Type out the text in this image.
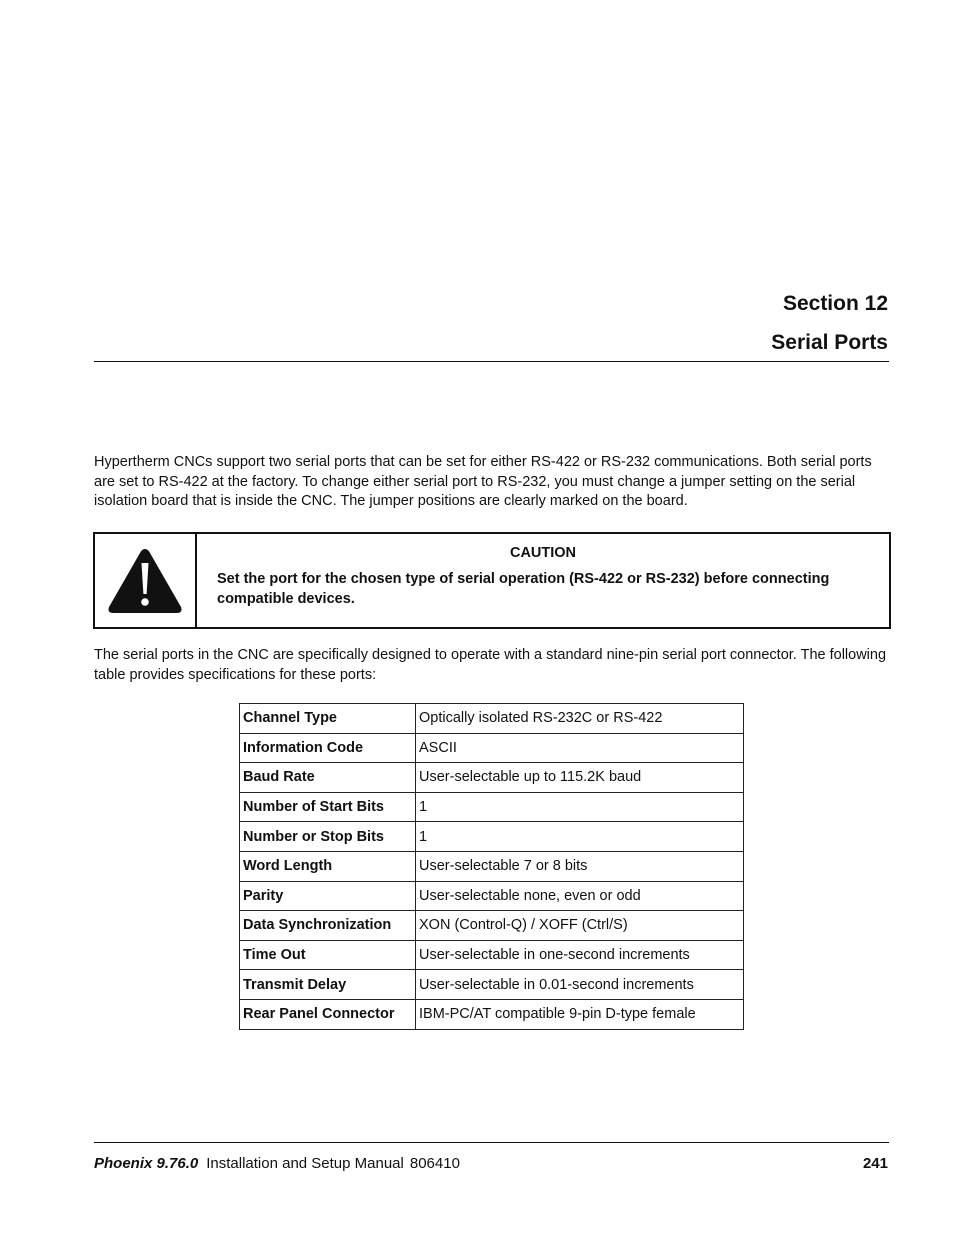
Section 12
Serial Ports

Hypertherm CNCs support two serial ports that can be set for either RS-422 or RS-232 communications. Both serial ports are set to RS-422 at the factory. To change either serial port to RS-232, you must change a jumper setting on the serial isolation board that is inside the CNC. The jumper positions are clearly marked on the board.

CAUTION
Set the port for the chosen type of serial operation (RS-422 or RS-232) before connecting compatible devices.

The serial ports in the CNC are specifically designed to operate with a standard nine-pin serial port connector. The following table provides specifications for these ports:

Channel Type	Optically isolated RS-232C or RS-422
Information Code	ASCII
Baud Rate	User-selectable up to 115.2K baud
Number of Start Bits	1
Number or Stop Bits	1
Word Length	User-selectable 7 or 8 bits
Parity	User-selectable none, even or odd
Data Synchronization	XON (Control-Q) / XOFF (Ctrl/S)
Time Out	User-selectable in one-second increments
Transmit Delay	User-selectable in 0.01-second increments
Rear Panel Connector	IBM-PC/AT compatible 9-pin D-type female
Phoenix 9.76.0 Installation and Setup Manual 806410	241
